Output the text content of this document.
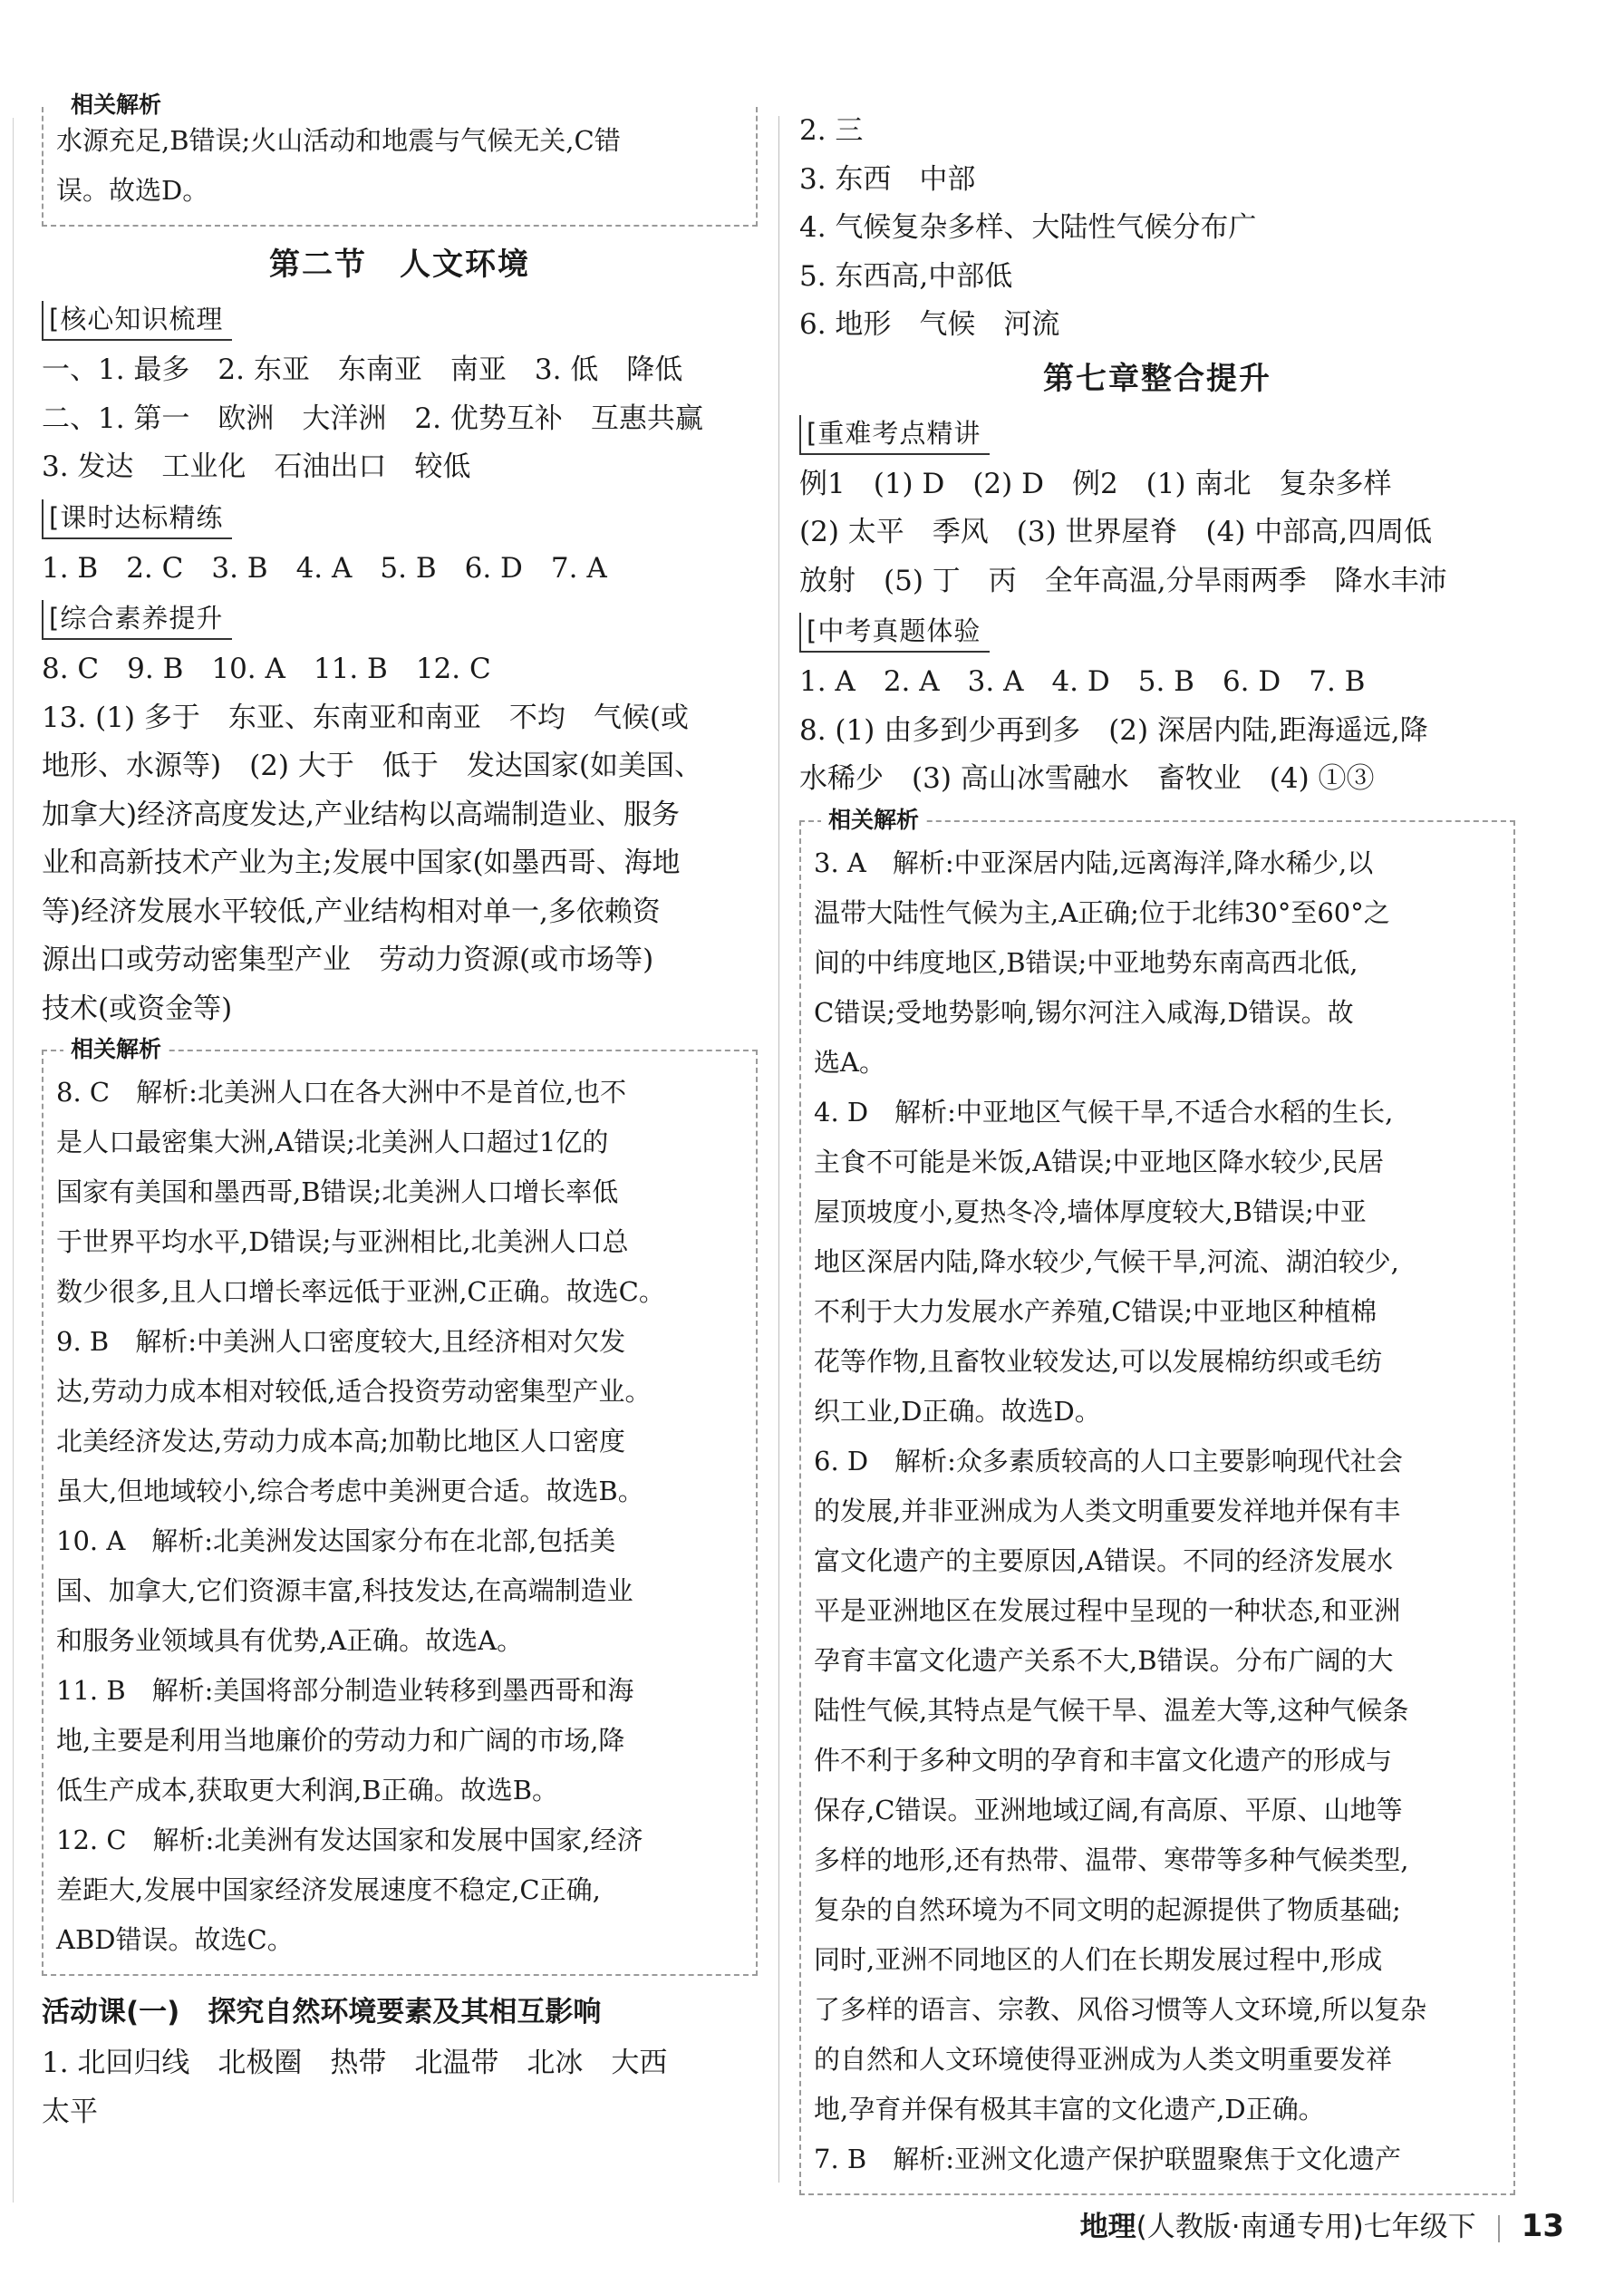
相关解析

水源充足,B错误;火山活动和地震与气候无关,C错

误。故选D。

第二节　人文环境
[ 核心知识梳理
一、1. 最多　2. 东亚　东南亚　南亚　3. 低　降低
二、1. 第一　欧洲　大洋洲　2. 优势互补　互惠共赢
3. 发达　工业化　石油出口　较低
[ 课时达标精练
1. B　2. C　3. B　4. A　5. B　6. D　7. A
[ 综合素养提升
8. C　9. B　10. A　11. B　12. C
13. (1) 多于　东亚、东南亚和南亚　不均　气候(或
地形、水源等)　(2) 大于　低于　发达国家(如美国、
加拿大)经济高度发达,产业结构以高端制造业、服务
业和高新技术产业为主;发展中国家(如墨西哥、海地
等)经济发展水平较低,产业结构相对单一,多依赖资
源出口或劳动密集型产业　劳动力资源(或市场等)
技术(或资金等)
相关解析

8. C　解析:北美洲人口在各大洲中不是首位,也不

是人口最密集大洲,A错误;北美洲人口超过1亿的

国家有美国和墨西哥,B错误;北美洲人口增长率低

于世界平均水平,D错误;与亚洲相比,北美洲人口总

数少很多,且人口增长率远低于亚洲,C正确。故选C。

9. B　解析:中美洲人口密度较大,且经济相对欠发

达,劳动力成本相对较低,适合投资劳动密集型产业。

北美经济发达,劳动力成本高;加勒比地区人口密度

虽大,但地域较小,综合考虑中美洲更合适。故选B。

10. A　解析:北美洲发达国家分布在北部,包括美

国、加拿大,它们资源丰富,科技发达,在高端制造业

和服务业领域具有优势,A正确。故选A。

11. B　解析:美国将部分制造业转移到墨西哥和海

地,主要是利用当地廉价的劳动力和广阔的市场,降

低生产成本,获取更大利润,B正确。故选B。

12. C　解析:北美洲有发达国家和发展中国家,经济

差距大,发展中国家经济发展速度不稳定,C正确,

ABD错误。故选C。

活动课(一)　探究自然环境要素及其相互影响
1. 北回归线　北极圈　热带　北温带　北冰　大西
太平
2. 三
3. 东西　中部
4. 气候复杂多样、大陆性气候分布广
5. 东西高,中部低
6. 地形　气候　河流
第七章整合提升
[ 重难考点精讲
例1　(1) D　(2) D　例2　(1) 南北　复杂多样
(2) 太平　季风　(3) 世界屋脊　(4) 中部高,四周低
放射　(5) 丁　丙　全年高温,分旱雨两季　降水丰沛
[ 中考真题体验
1. A　2. A　3. A　4. D　5. B　6. D　7. B
8. (1) 由多到少再到多　(2) 深居内陆,距海遥远,降
水稀少　(3) 高山冰雪融水　畜牧业　(4) ①③
相关解析

3. A　解析:中亚深居内陆,远离海洋,降水稀少,以

温带大陆性气候为主,A正确;位于北纬30°至60°之

间的中纬度地区,B错误;中亚地势东南高西北低,

C错误;受地势影响,锡尔河注入咸海,D错误。故

选A。

4. D　解析:中亚地区气候干旱,不适合水稻的生长,

主食不可能是米饭,A错误;中亚地区降水较少,民居

屋顶坡度小,夏热冬冷,墙体厚度较大,B错误;中亚

地区深居内陆,降水较少,气候干旱,河流、湖泊较少,

不利于大力发展水产养殖,C错误;中亚地区种植棉

花等作物,且畜牧业较发达,可以发展棉纺织或毛纺

织工业,D正确。故选D。

6. D　解析:众多素质较高的人口主要影响现代社会

的发展,并非亚洲成为人类文明重要发祥地并保有丰

富文化遗产的主要原因,A错误。不同的经济发展水

平是亚洲地区在发展过程中呈现的一种状态,和亚洲

孕育丰富文化遗产关系不大,B错误。分布广阔的大

陆性气候,其特点是气候干旱、温差大等,这种气候条

件不利于多种文明的孕育和丰富文化遗产的形成与

保存,C错误。亚洲地域辽阔,有高原、平原、山地等

多样的地形,还有热带、温带、寒带等多种气候类型,

复杂的自然环境为不同文明的起源提供了物质基础;

同时,亚洲不同地区的人们在长期发展过程中,形成

了多样的语言、宗教、风俗习惯等人文环境,所以复杂

的自然和人文环境使得亚洲成为人类文明重要发祥

地,孕育并保有极其丰富的文化遗产,D正确。

7. B　解析:亚洲文化遗产保护联盟聚焦于文化遗产

地理(人教版·南通专用)七年级下 13
